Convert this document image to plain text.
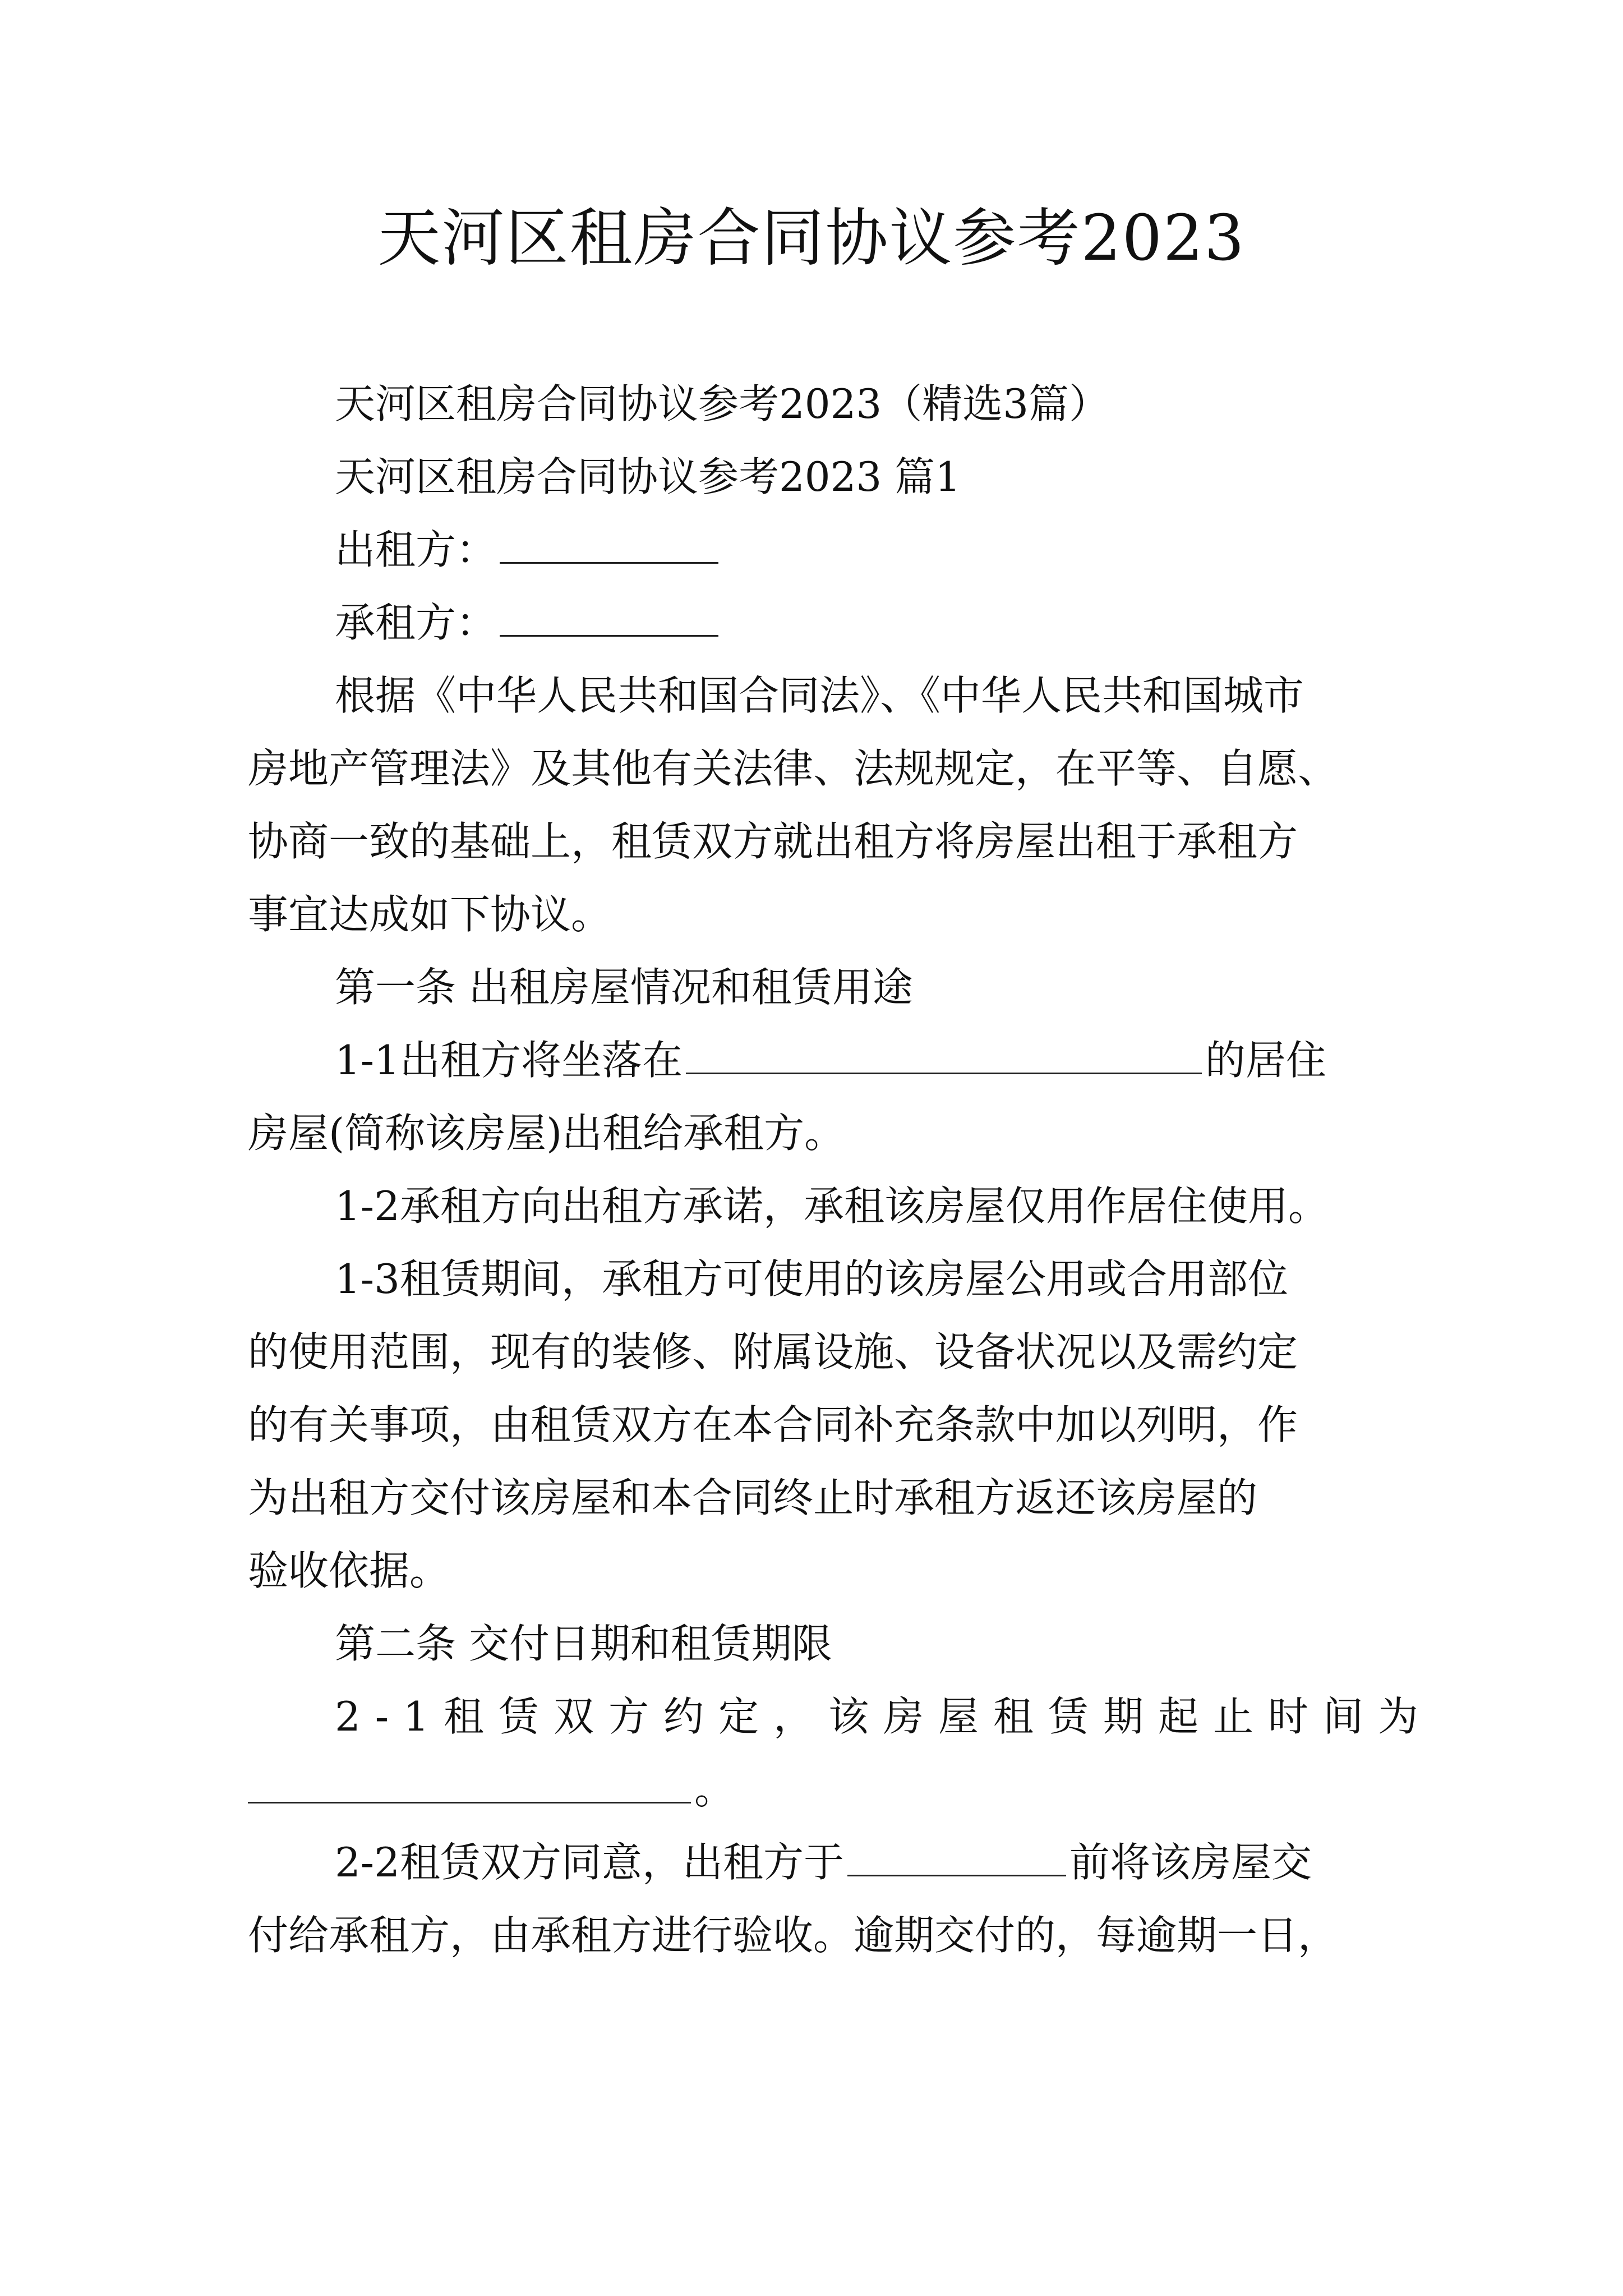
天河区租房合同协议参考2023
天河区租房合同协议参考2023（精选3篇）
天河区租房合同协议参考2023 篇1
出租方：
承租方：
根据《中华人民共和国合同法》、《中华人民共和国城市
房地产管理法》及其他有关法律、法规规定，在平等、自愿、
协商一致的基础上，租赁双方就出租方将房屋出租于承租方
事宜达成如下协议。
第一条 出租房屋情况和租赁用途
1-1出租方将坐落在	的居住
房屋(简称该房屋)出租给承租方。
1-2承租方向出租方承诺，承租该房屋仅用作居住使用。
1-3租赁期间，承租方可使用的该房屋公用或合用部位
的使用范围，现有的装修、附属设施、设备状况以及需约定
的有关事项，由租赁双方在本合同补充条款中加以列明，作
为出租方交付该房屋和本合同终止时承租方返还该房屋的
验收依据。
第二条 交付日期和租赁期限
2-1租赁双方约定，该房屋租赁期起止时间为
。
2-2租赁双方同意，出租方于	前将该房屋交
付给承租方，由承租方进行验收。逾期交付的，每逾期一日，
